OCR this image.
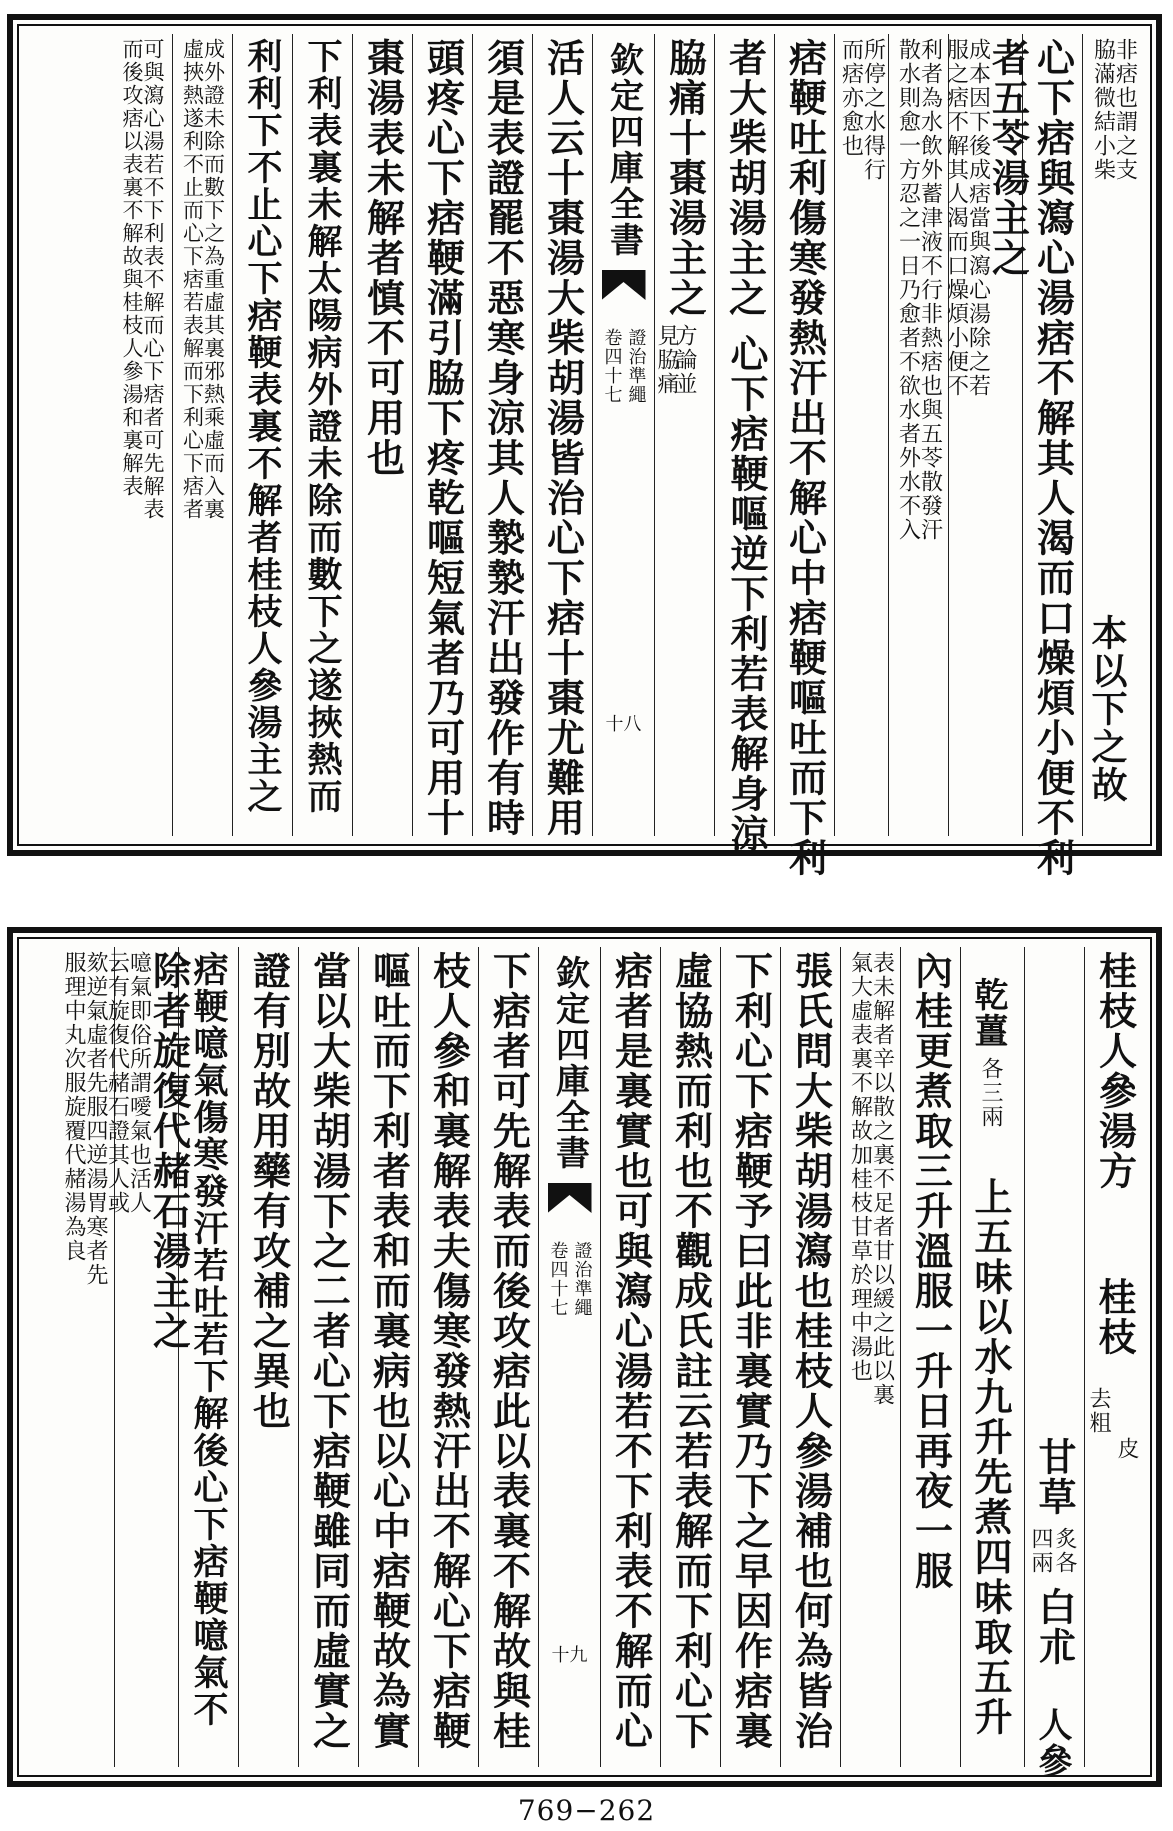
非痞也謂之支
脇滿微結小柴
本以下之故
心下痞與瀉心湯痞不解其人渴而口燥煩小便不利
者五苓湯主之
成本因下後成痞當與瀉心湯除之若
服之痞不解其人渴而口燥煩小便不
利者為水飲外蓄津液不行非熱痞也與五苓散發汗
散水則愈一方忍之一日乃愈者不欲水者外水不入
所停之水得行
而痞亦愈也
痞鞕吐利傷寒發熱汗出不解心中痞鞕嘔吐而下利
者大柴胡湯主之
心下痞鞕嘔逆下利若表解身涼
脇痛十棗湯主之
方論並
見脇痛
欽定四庫全書
證治準繩
卷四十七
十八
活人云十棗湯大柴胡湯皆治心下痞十棗尤難用
須是表證罷不惡寒身涼其人漐漐汗出發作有時
頭疼心下痞鞕滿引脇下疼乾嘔短氣者乃可用十
棗湯表未解者慎不可用也
下利表裏未解太陽病外證未除而數下之遂挾熱而
利利下不止心下痞鞕表裏不解者桂枝人參湯主之
成外證未除而數下之為重虛其裏邪熱乘虛而入裏
虛挾熱遂利不止而心下痞若表解而下利心下痞者
可與瀉心湯若不下利表不解而心下痞者可先解表
而後攻痞以表裏不解故與桂枝人參湯和裏解表
桂枝人參湯方
桂枝
去粗
皮
甘草
炙各
四兩
白朮
人參
上五味以水九升先煮四味取五升
乾薑
各三兩
內桂更煮取三升溫服一升日再夜一服
表未解者辛以散之裏不足者甘以緩之此以裏
氣大虛表裏不解故加桂枝甘草於理中湯也
張氏問大柴胡湯瀉也桂枝人參湯補也何為皆治
下利心下痞鞕予曰此非裏實乃下之早因作痞裏
虛協熱而利也不觀成氏註云若表解而下利心下
痞者是裏實也可與瀉心湯若不下利表不解而心
欽定四庫全書
證治準繩
卷四十七
十九
下痞者可先解表而後攻痞此以表裏不解故與桂
枝人參和裏解表夫傷寒發熱汗出不解心下痞鞕
嘔吐而下利者表和而裏病也以心中痞鞕故為實
當以大柴胡湯下之二者心下痞鞕雖同而虛實之
證有別故用藥有攻補之異也
痞鞕噫氣傷寒發汗若吐若下解後心下痞鞕噫氣不
除者旋復代赭石湯主之
噫氣即俗所謂噯氣也活人
云有旋復代赭石證其人或
欬逆氣虛者先服四逆湯胃寒者先
服理中丸次服旋覆代赭湯為良
769−262
